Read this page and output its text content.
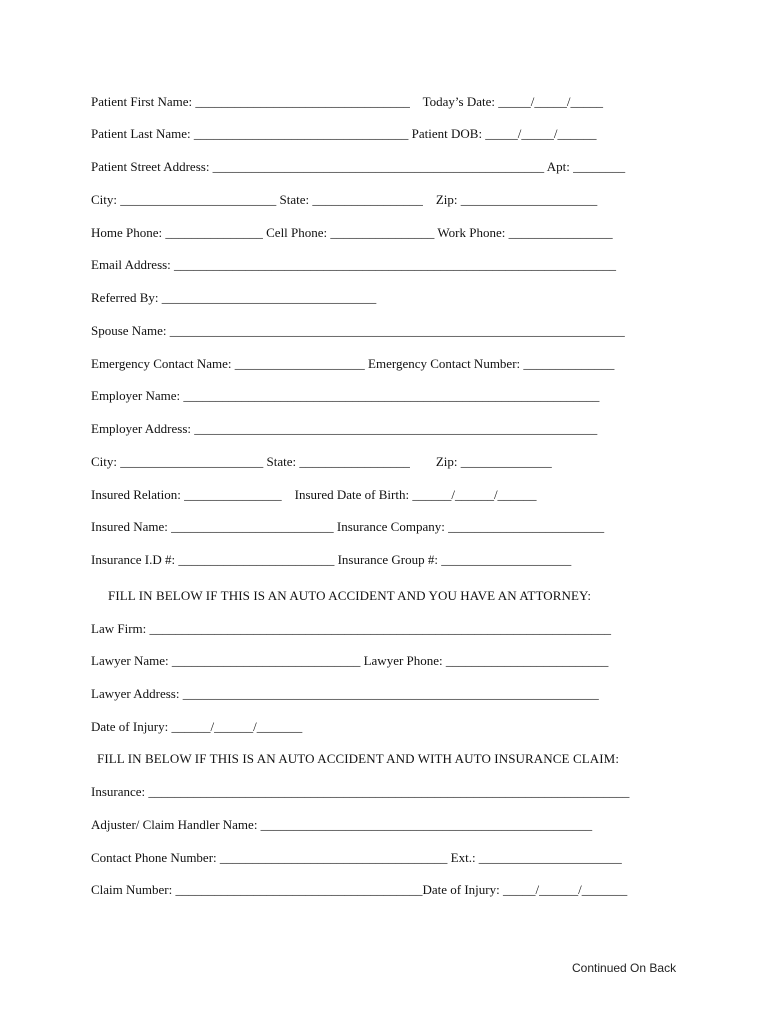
Patient First Name: _________________________________    Today’s Date: _____/_____/_____
Patient Last Name: _________________________________ Patient DOB: _____/_____/______
Patient Street Address: ___________________________________________________ Apt: ________
City: ________________________ State: _________________    Zip: _____________________
Home Phone: _______________ Cell Phone: ________________ Work Phone: ________________
Email Address: ____________________________________________________________________
Referred By: _________________________________
Spouse Name: ______________________________________________________________________
Emergency Contact Name: ____________________ Emergency Contact Number: ______________
Employer Name: ________________________________________________________________
Employer Address: ______________________________________________________________
City: ______________________ State: _________________        Zip: ______________
Insured Relation: _______________    Insured Date of Birth: ______/______/______
Insured Name: _________________________ Insurance Company: ________________________
Insurance I.D #: ________________________ Insurance Group #: ____________________
FILL IN BELOW IF THIS IS AN AUTO ACCIDENT AND YOU HAVE AN ATTORNEY:
Law Firm: _______________________________________________________________________
Lawyer Name: _____________________________ Lawyer Phone: _________________________
Lawyer Address: ________________________________________________________________
Date of Injury: ______/______/_______
FILL IN BELOW IF THIS IS AN AUTO ACCIDENT AND WITH AUTO INSURANCE CLAIM:
Insurance: __________________________________________________________________________
Adjuster/ Claim Handler Name: ___________________________________________________
Contact Phone Number: ___________________________________ Ext.: ______________________
Claim Number: ______________________________________Date of Injury: _____/______/_______
Continued On Back
